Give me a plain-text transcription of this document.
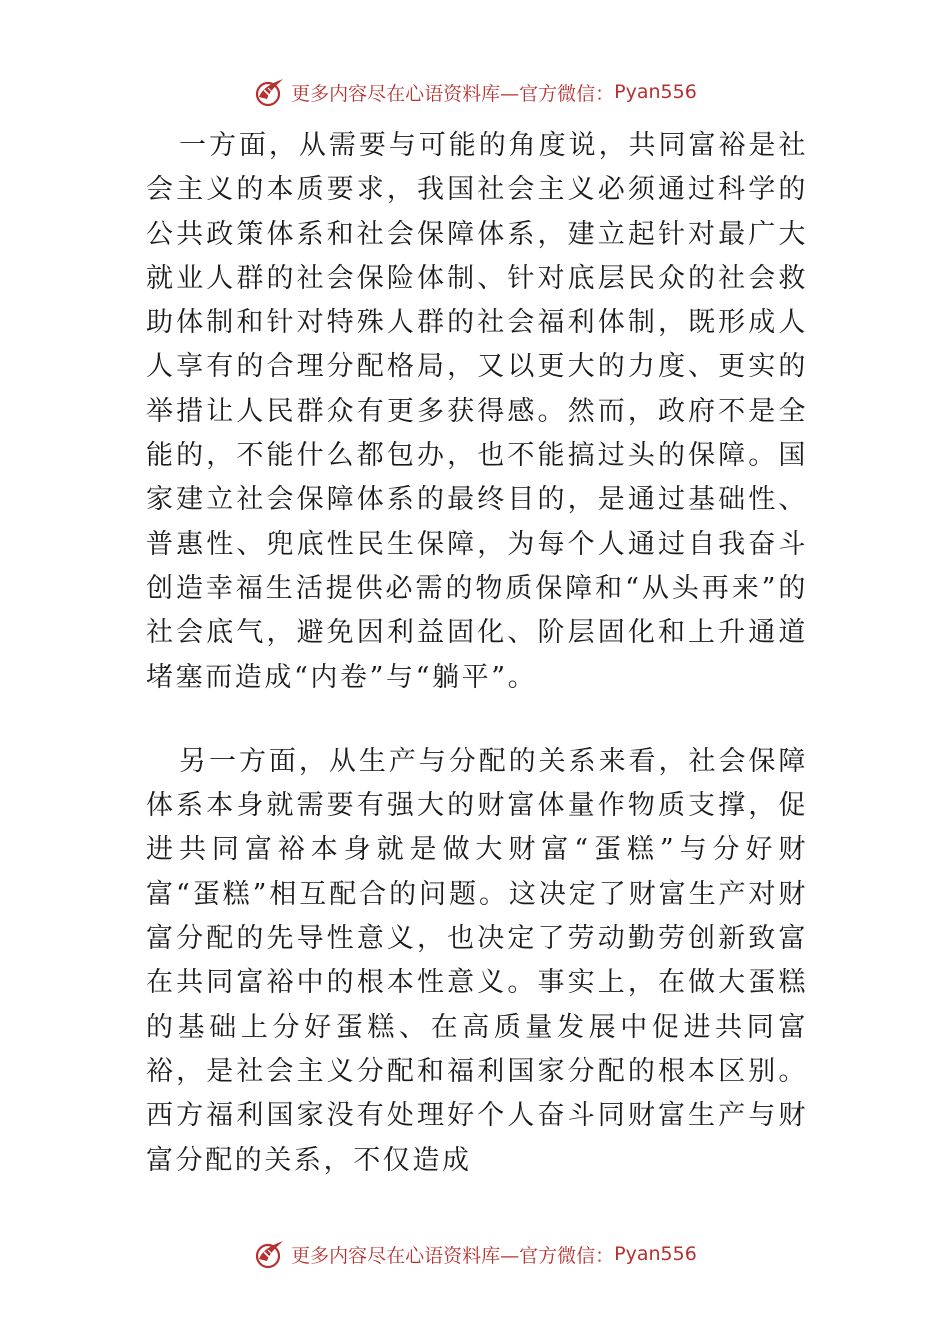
更多内容尽在心语资料库—官方微信： Pyan556

一方面，从需要与可能的角度说，共同富裕是社会主义的本质要求，我国社会主义必须通过科学的公共政策体系和社会保障体系，建立起针对最广大就业人群的社会保险体制、针对底层民众的社会救助体制和针对特殊人群的社会福利体制，既形成人人享有的合理分配格局，又以更大的力度、更实的举措让人民群众有更多获得感。然而，政府不是全能的，不能什么都包办，也不能搞过头的保障。国家建立社会保障体系的最终目的，是通过基础性、普惠性、兜底性民生保障，为每个人通过自我奋斗创造幸福生活提供必需的物质保障和“从头再来”的社会底气，避免因利益固化、阶层固化和上升通道堵塞而造成“内卷”与“躺平”。

另一方面，从生产与分配的关系来看，社会保障体系本身就需要有强大的财富体量作物质支撑，促进共同富裕本身就是做大财富“蛋糕”与分好财富“蛋糕”相互配合的问题。这决定了财富生产对财富分配的先导性意义，也决定了劳动勤劳创新致富在共同富裕中的根本性意义。事实上，在做大蛋糕的基础上分好蛋糕、在高质量发展中促进共同富裕，是社会主义分配和福利国家分配的根本区别。西方福利国家没有处理好个人奋斗同财富生产与财富分配的关系，不仅造成

更多内容尽在心语资料库—官方微信： Pyan556
